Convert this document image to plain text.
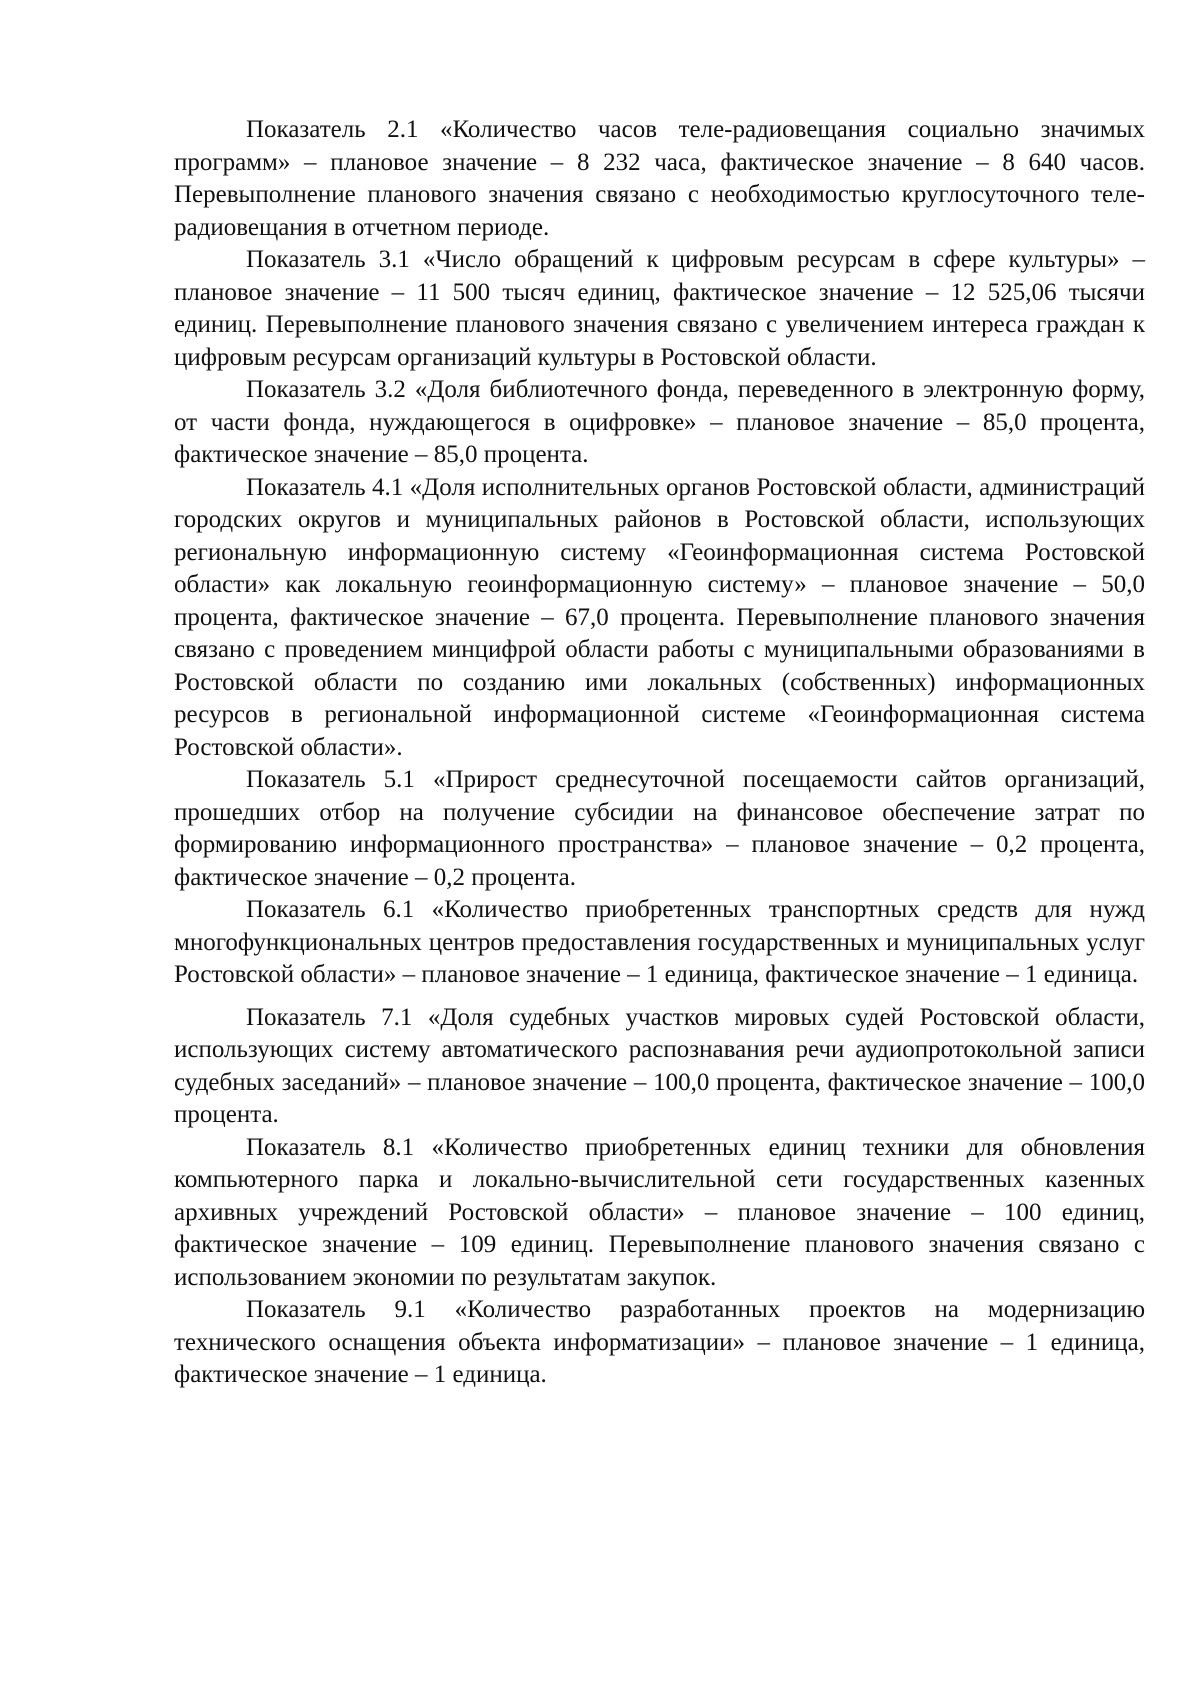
Показатель 2.1 «Количество часов теле-радиовещания социально значимых программ» – плановое значение – 8 232 часа, фактическое значение – 8 640 часов. Перевыполнение планового значения связано с необходимостью круглосуточного теле-радиовещания в отчетном периоде.

Показатель 3.1 «Число обращений к цифровым ресурсам в сфере культуры» – плановое значение – 11 500 тысяч единиц, фактическое значение – 12 525,06 тысячи единиц. Перевыполнение планового значения связано с увеличением интереса граждан к цифровым ресурсам организаций культуры в Ростовской области.

Показатель 3.2 «Доля библиотечного фонда, переведенного в электронную форму, от части фонда, нуждающегося в оцифровке» – плановое значение – 85,0 процента, фактическое значение – 85,0 процента.

Показатель 4.1 «Доля исполнительных органов Ростовской области, администраций городских округов и муниципальных районов в Ростовской области, использующих региональную информационную систему «Геоинформационная система Ростовской области» как локальную геоинформационную систему» – плановое значение – 50,0 процента, фактическое значение – 67,0 процента. Перевыполнение планового значения связано с проведением минцифрой области работы с муниципальными образованиями в Ростовской области по созданию ими локальных (собственных) информационных ресурсов в региональной информационной системе «Геоинформационная система Ростовской области».

Показатель 5.1 «Прирост среднесуточной посещаемости сайтов организаций, прошедших отбор на получение субсидии на финансовое обеспечение затрат по формированию информационного пространства» – плановое значение – 0,2 процента, фактическое значение – 0,2 процента.

Показатель 6.1 «Количество приобретенных транспортных средств для нужд многофункциональных центров предоставления государственных и муниципальных услуг Ростовской области» – плановое значение – 1 единица, фактическое значение – 1 единица.

Показатель 7.1 «Доля судебных участков мировых судей Ростовской области, использующих систему автоматического распознавания речи аудиопротокольной записи судебных заседаний» – плановое значение – 100,0 процента, фактическое значение – 100,0 процента.

Показатель 8.1 «Количество приобретенных единиц техники для обновления компьютерного парка и локально-вычислительной сети государственных казенных архивных учреждений Ростовской области» – плановое значение – 100 единиц, фактическое значение – 109 единиц. Перевыполнение планового значения связано с использованием экономии по результатам закупок.

Показатель 9.1 «Количество разработанных проектов на модернизацию технического оснащения объекта информатизации» – плановое значение – 1 единица, фактическое значение – 1 единица.
